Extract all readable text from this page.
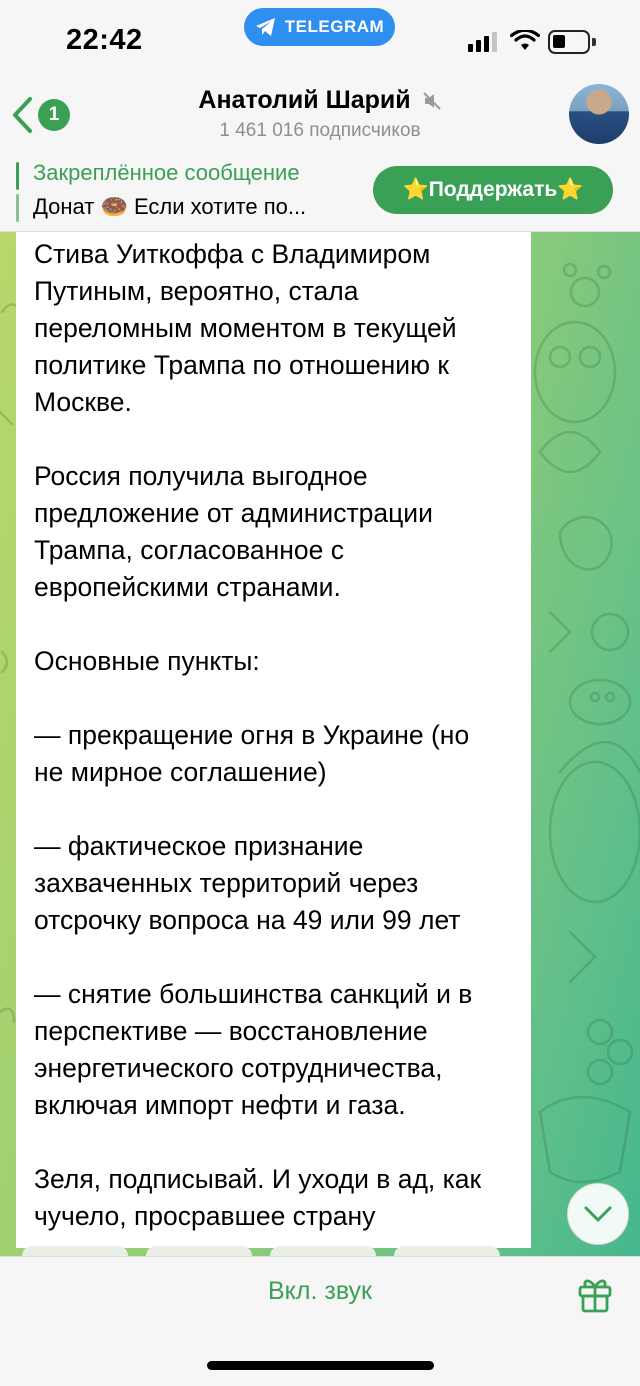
22:42	TELEGRAM
1
Анатолий Шарий
1 461 016 подписчиков
Закреплённое сообщение
Донат 🍩 Если хотите по...
⭐️Поддержать⭐️
Стива Уиткоффа с Владимиром
Путиным, вероятно, стала
переломным моментом в текущей
политике Трампа по отношению к
Москве.

Россия получила выгодное
предложение от администрации
Трампа, согласованное с
европейскими странами.

Основные пункты:

— прекращение огня в Украине (но
не мирное соглашение)

— фактическое признание
захваченных территорий через
отсрочку вопроса на 49 или 99 лет

— снятие большинства санкций и в
перспективе — восстановление
энергетического сотрудничества,
включая импорт нефти и газа.

Зеля, подписывай. И уходи в ад, как
чучело, просравшее страну
Вкл. звук
